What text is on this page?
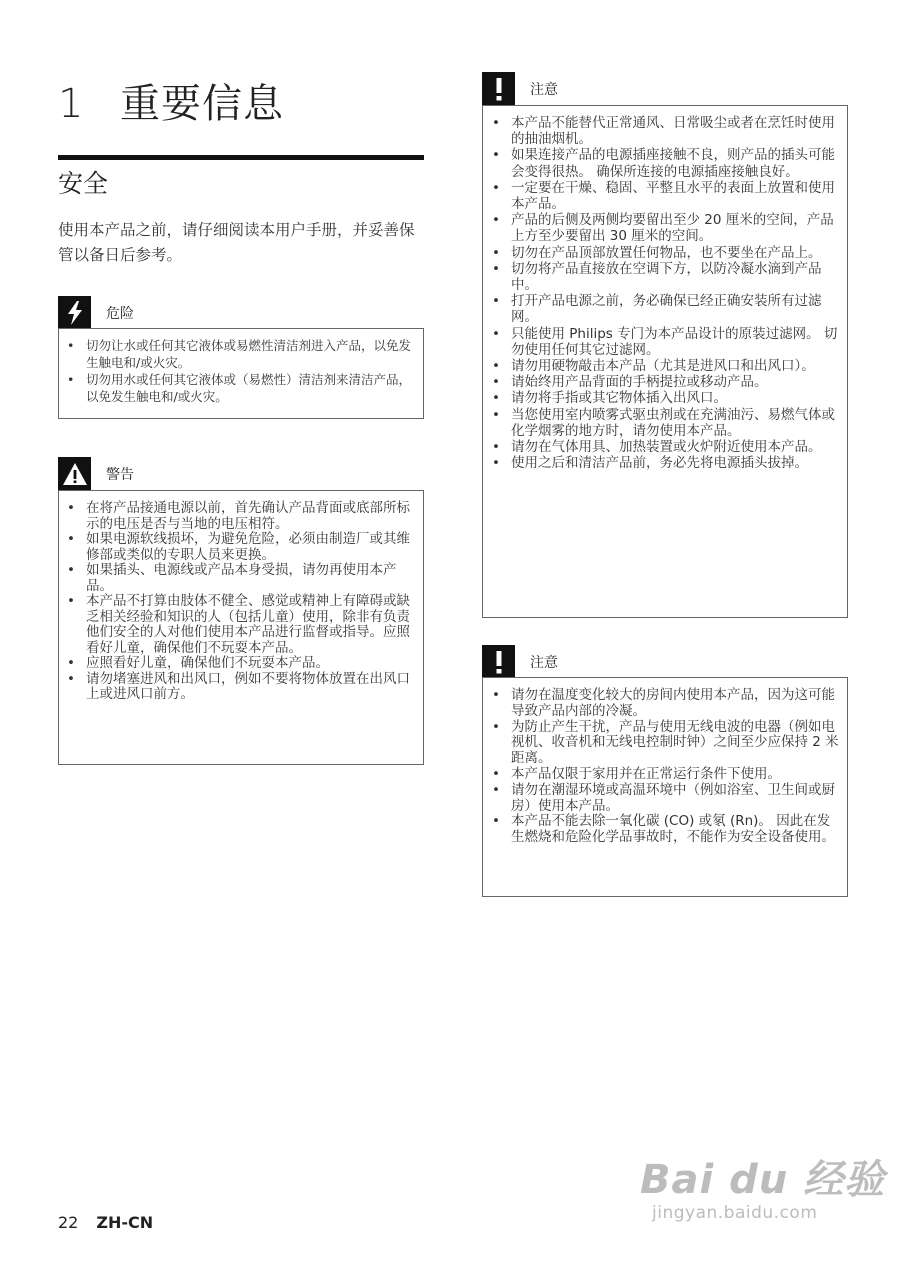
1 重要信息
安全
使用本产品之前，请仔细阅读本用户手册，并妥善保管以备日后参考。
危险
• 切勿让水或任何其它液体或易燃性清洁剂进入产品，以免发生触电和/或火灾。
• 切勿用水或任何其它液体或（易燃性）清洁剂来清洁产品，以免发生触电和/或火灾。
警告
• 在将产品接通电源以前，首先确认产品背面或底部所标示的电压是否与当地的电压相符。
• 如果电源软线损坏，为避免危险，必须由制造厂或其维修部或类似的专职人员来更换。
• 如果插头、电源线或产品本身受损，请勿再使用本产品。
• 本产品不打算由肢体不健全、感觉或精神上有障碍或缺乏相关经验和知识的人（包括儿童）使用，除非有负责他们安全的人对他们使用本产品进行监督或指导。应照看好儿童，确保他们不玩耍本产品。
• 应照看好儿童，确保他们不玩耍本产品。
• 请勿堵塞进风和出风口，例如不要将物体放置在出风口上或进风口前方。
注意
• 本产品不能替代正常通风、日常吸尘或者在烹饪时使用的抽油烟机。
• 如果连接产品的电源插座接触不良，则产品的插头可能会变得很热。 确保所连接的电源插座接触良好。
• 一定要在干燥、稳固、平整且水平的表面上放置和使用本产品。
• 产品的后侧及两侧均要留出至少 20 厘米的空间，产品上方至少要留出 30 厘米的空间。
• 切勿在产品顶部放置任何物品，也不要坐在产品上。
• 切勿将产品直接放在空调下方，以防冷凝水滴到产品中。
• 打开产品电源之前，务必确保已经正确安装所有过滤网。
• 只能使用 Philips 专门为本产品设计的原装过滤网。 切勿使用任何其它过滤网。
• 请勿用硬物敲击本产品（尤其是进风口和出风口）。
• 请始终用产品背面的手柄提拉或移动产品。
• 请勿将手指或其它物体插入出风口。
• 当您使用室内喷雾式驱虫剂或在充满油污、易燃气体或化学烟雾的地方时，请勿使用本产品。
• 请勿在气体用具、加热装置或火炉附近使用本产品。
• 使用之后和清洁产品前，务必先将电源插头拔掉。
注意
• 请勿在温度变化较大的房间内使用本产品，因为这可能导致产品内部的冷凝。
• 为防止产生干扰，产品与使用无线电波的电器（例如电视机、收音机和无线电控制时钟）之间至少应保持 2 米距离。
• 本产品仅限于家用并在正常运行条件下使用。
• 请勿在潮湿环境或高温环境中（例如浴室、卫生间或厨房）使用本产品。
• 本产品不能去除一氧化碳 (CO) 或氡 (Rn)。 因此在发生燃烧和危险化学品事故时，不能作为安全设备使用。
22 ZH-CN
Bai du 经验
jingyan.baidu.com
